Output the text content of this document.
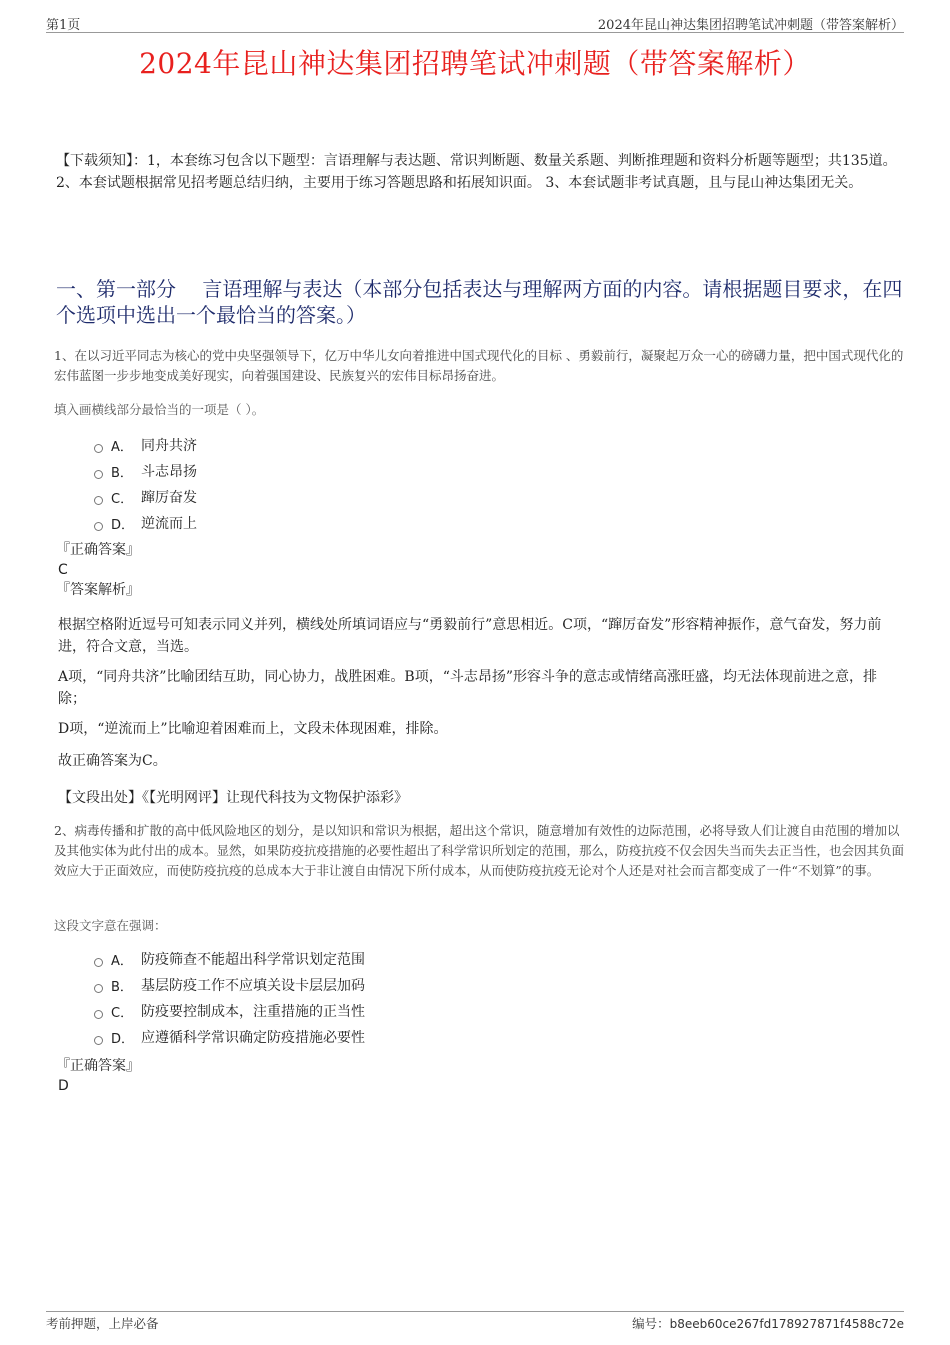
第1页	2024年昆山神达集团招聘笔试冲刺题（带答案解析）
2024年昆山神达集团招聘笔试冲刺题（带答案解析）
【下载须知】：1，本套练习包含以下题型：言语理解与表达题、常识判断题、数量关系题、判断推理题和资料分析题等题型；共135道。 2、本套试题根据常见招考题总结归纳，主要用于练习答题思路和拓展知识面。 3、本套试题非考试真题，且与昆山神达集团无关。
一、第一部分　 言语理解与表达（本部分包括表达与理解两方面的内容。请根据题目要求，在四个选项中选出一个最恰当的答案。）
1、在以习近平同志为核心的党中央坚强领导下，亿万中华儿女向着推进中国式现代化的目标 、勇毅前行，凝聚起万众一心的磅礴力量，把中国式现代化的宏伟蓝图一步步地变成美好现实，向着强国建设、民族复兴的宏伟目标昂扬奋进。
填入画横线部分最恰当的一项是（ ）。
A． 同舟共济
B． 斗志昂扬
C． 蹿厉奋发
D． 逆流而上
『正确答案』
C
『答案解析』
根据空格附近逗号可知表示同义并列，横线处所填词语应与“勇毅前行”意思相近。C项，“蹿厉奋发”形容精神振作，意气奋发，努力前进，符合文意，当选。
A项，“同舟共济”比喻团结互助，同心协力，战胜困难。B项，“斗志昂扬”形容斗争的意志或情绪高涨旺盛，均无法体现前进之意，排除；
D项，“逆流而上”比喻迎着困难而上，文段未体现困难，排除。
故正确答案为C。
【文段出处】《【光明网评】让现代科技为文物保护添彩》
2、病毒传播和扩散的高中低风险地区的划分，是以知识和常识为根据，超出这个常识，随意增加有效性的边际范围，必将导致人们让渡自由范围的增加以及其他实体为此付出的成本。显然，如果防疫抗疫措施的必要性超出了科学常识所划定的范围，那么，防疫抗疫不仅会因失当而失去正当性，也会因其负面效应大于正面效应，而使防疫抗疫的总成本大于非让渡自由情况下所付成本，从而使防疫抗疫无论对个人还是对社会而言都变成了一件“不划算”的事。
这段文字意在强调：
A． 防疫筛查不能超出科学常识划定范围
B． 基层防疫工作不应填关设卡层层加码
C． 防疫要控制成本，注重措施的正当性
D． 应遵循科学常识确定防疫措施必要性
『正确答案』
D
考前押题，上岸必备	编号：b8eeb60ce267fd178927871f4588c72e
